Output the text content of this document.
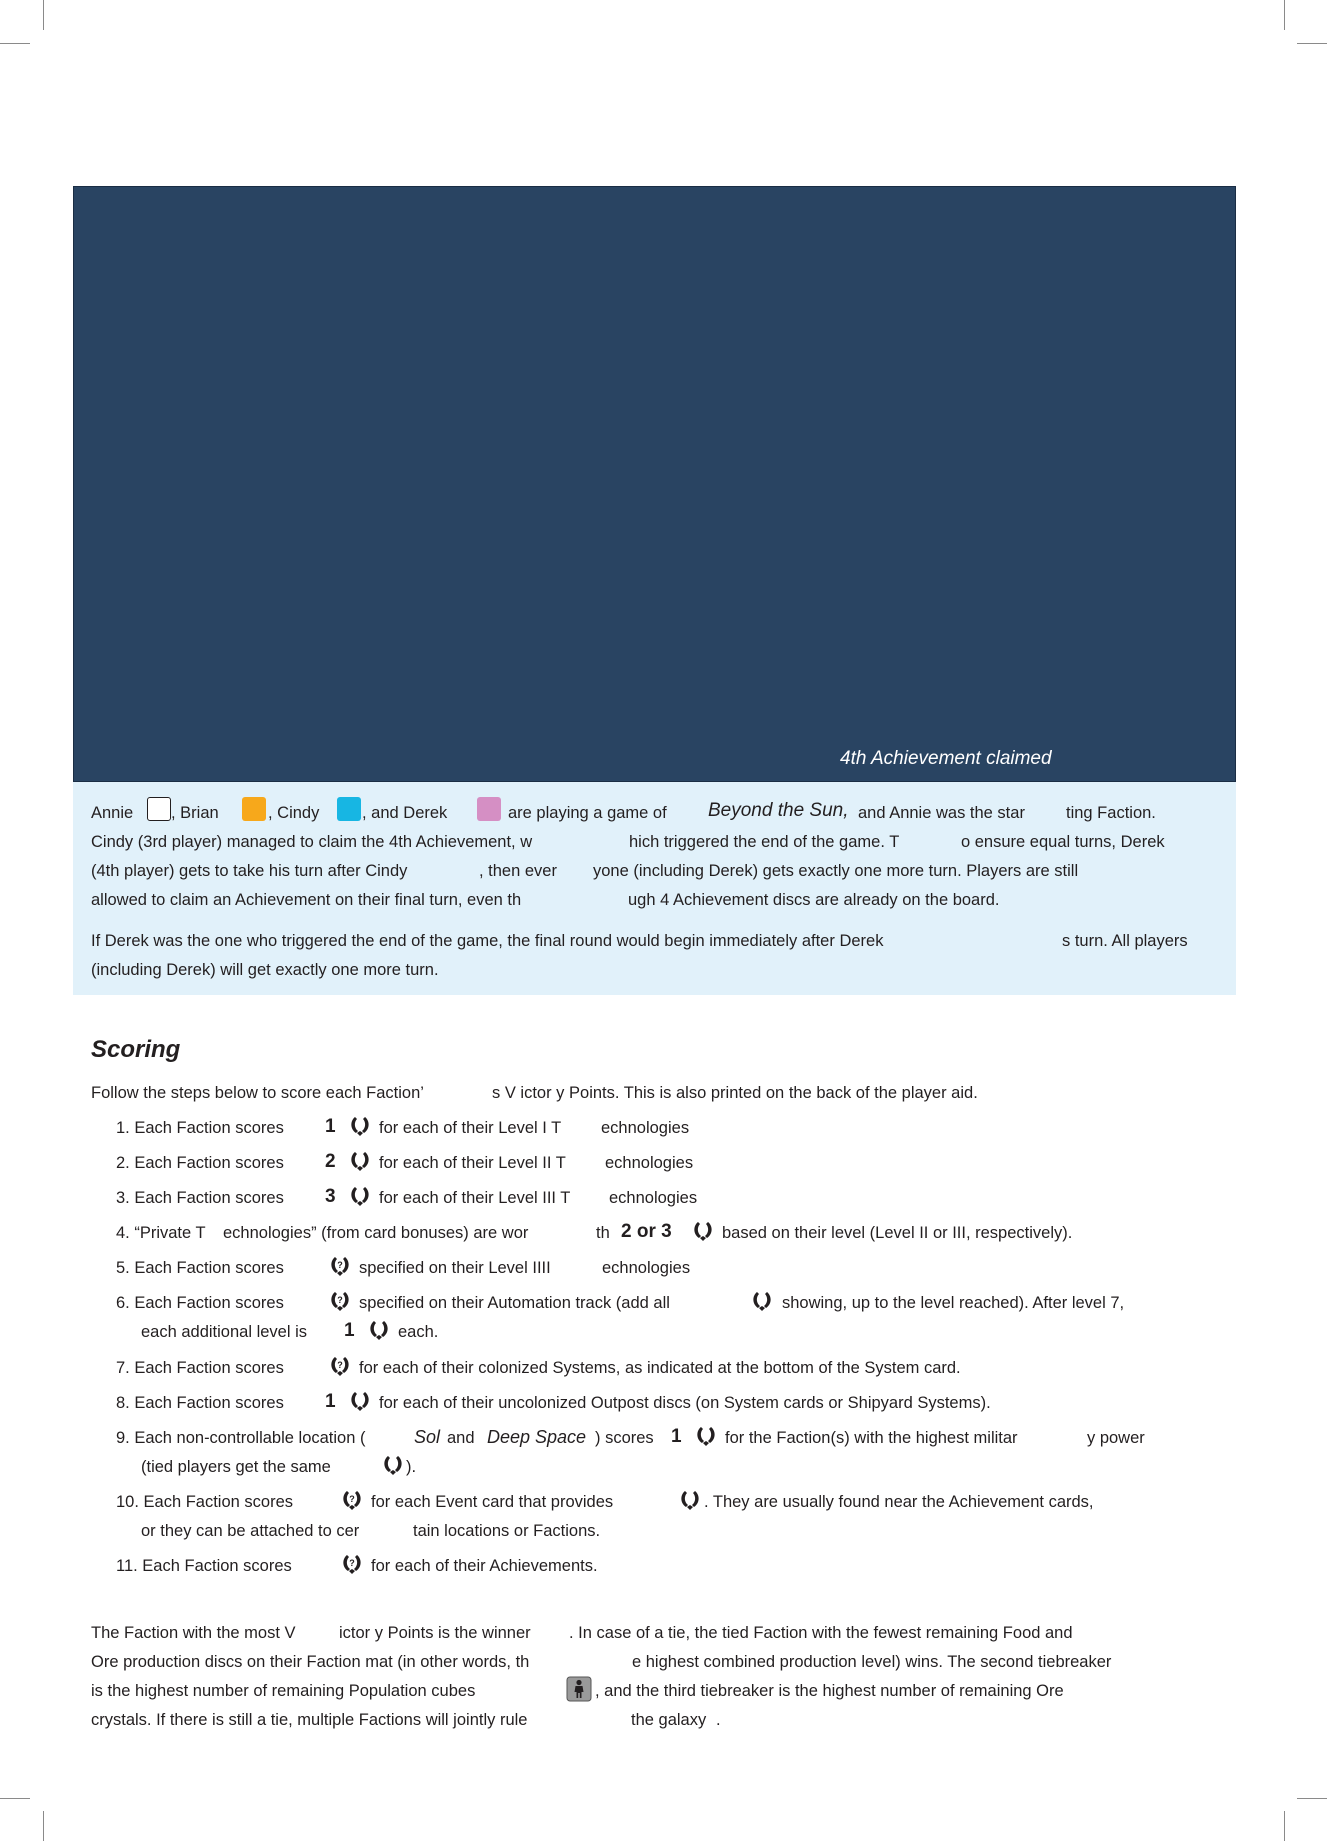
4th Achievement claimed
Annie , Brian	, Cindy	, and Derek	are playing a game of Beyond the Sun, and Annie was the star ting Faction.
Cindy (3rd player) managed to claim the 4th Achievement, w	hich triggered the end of the game. T	o ensure equal turns, Derek
(4th player) gets to take his turn after Cindy	, then ever yone (including Derek) gets exactly one more turn. Players are still
allowed to claim an Achievement on their final turn, even th	ugh 4 Achievement discs are already on the board.
If Derek was the one who triggered the end of the game, the final round would begin immediately after Derek	s turn. All players
(including Derek) will get exactly one more turn.
Scoring
Follow the steps below to score each Faction’	s V ictor y Points. This is also printed on the back of the player aid.
1. Each Faction scores 1	for each of their Level I T echnologies
2. Each Faction scores 2	for each of their Level II T echnologies
3. Each Faction scores 3	for each of their Level III T echnologies
4. “Private T echnologies” (from card bonuses) are wor	th 2 or 3	based on their level (Level II or III, respectively).
5. Each Faction scores	? specified on their Level IIII	echnologies
6. Each Faction scores	? specified on their Automation track (add all	showing, up to the level reached). After level 7,
each additional level is 1	each.
7. Each Faction scores	? for each of their colonized Systems, as indicated at the bottom of the System card.
8. Each Faction scores 1	for each of their uncolonized Outpost discs (on System cards or Shipyard Systems).
9. Each non-controllable location (	Sol and Deep Space ) scores 1	for the Faction(s) with the highest militar	y power
(tied players get the same	).
10. Each Faction scores	? for each Event card that provides	. They are usually found near the Achievement cards,
or they can be attached to cer	tain locations or Factions.
11. Each Faction scores	? for each of their Achievements.
The Faction with the most V	ictor y Points is the winner . In case of a tie, the tied Faction with the fewest remaining Food and
Ore production discs on their Faction mat (in other words, th	e highest combined production level) wins. The second tiebreaker
is the highest number of remaining Population cubes	, and the third tiebreaker is the highest number of remaining Ore
crystals. If there is still a tie, multiple Factions will jointly rule	the galaxy .
